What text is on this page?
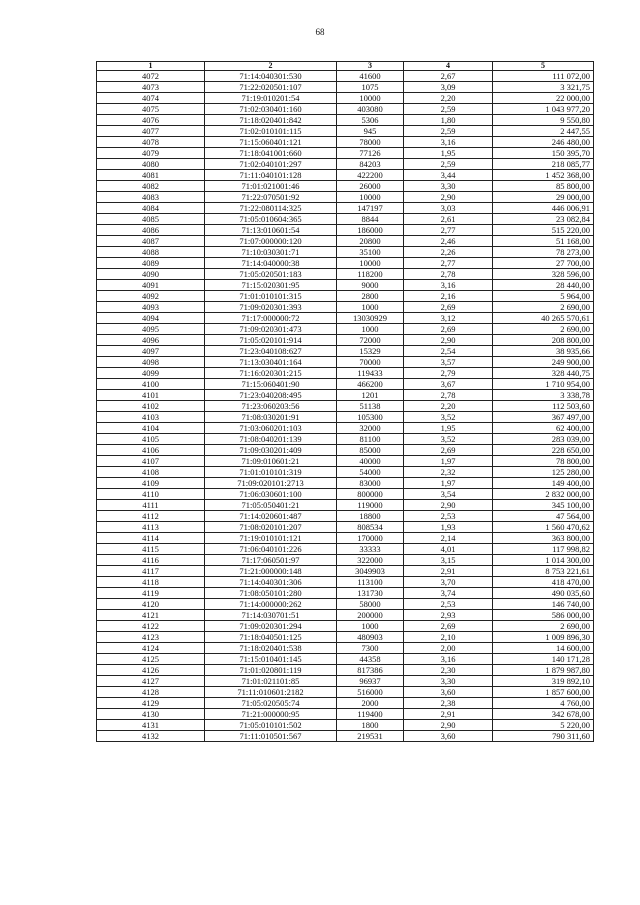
68
1	2	3	4	5
4072	71:14:040301:530	41600	2,67	111 072,00
4073	71:22:020501:107	1075	3,09	3 321,75
4074	71:19:010201:54	10000	2,20	22 000,00
4075	71:02:030401:160	403080	2,59	1 043 977,20
4076	71:18:020401:842	5306	1,80	9 550,80
4077	71:02:010101:115	945	2,59	2 447,55
4078	71:15:060401:121	78000	3,16	246 480,00
4079	71:18:041001:660	77126	1,95	150 395,70
4080	71:02:040101:297	84203	2,59	218 085,77
4081	71:11:040101:128	422200	3,44	1 452 368,00
4082	71:01:021001:46	26000	3,30	85 800,00
4083	71:22:070501:92	10000	2,90	29 000,00
4084	71:22:080114:325	147197	3,03	446 006,91
4085	71:05:010604:365	8844	2,61	23 082,84
4086	71:13:010601:54	186000	2,77	515 220,00
4087	71:07:000000:120	20800	2,46	51 168,00
4088	71:10:030301:71	35100	2,26	78 273,00
4089	71:14:040000:38	10000	2,77	27 700,00
4090	71:05:020501:183	118200	2,78	328 596,00
4091	71:15:020301:95	9000	3,16	28 440,00
4092	71:01:010101:315	2800	2,16	5 964,00
4093	71:09:020301:393	1000	2,69	2 690,00
4094	71:17:000000:72	13030929	3,12	40 265 570,61
4095	71:09:020301:473	1000	2,69	2 690,00
4096	71:05:020101:914	72000	2,90	208 800,00
4097	71:23:040108:627	15329	2,54	38 935,66
4098	71:13:030401:164	70000	3,57	249 900,00
4099	71:16:020301:215	119433	2,79	328 440,75
4100	71:15:060401:90	466200	3,67	1 710 954,00
4101	71:23:040208:495	1201	2,78	3 338,78
4102	71:23:060203:56	51138	2,20	112 503,60
4103	71:08:030201:91	105300	3,52	367 497,00
4104	71:03:060201:103	32000	1,95	62 400,00
4105	71:08:040201:139	81100	3,52	283 039,00
4106	71:09:030201:409	85000	2,69	228 650,00
4107	71:09:010601:21	40000	1,97	78 800,00
4108	71:01:010101:319	54000	2,32	125 280,00
4109	71:09:020101:2713	83000	1,97	149 400,00
4110	71:06:030601:100	800000	3,54	2 832 000,00
4111	71:05:050401:21	119000	2,90	345 100,00
4112	71:14:020601:487	18800	2,53	47 564,00
4113	71:08:020101:207	808534	1,93	1 560 470,62
4114	71:19:010101:121	170000	2,14	363 800,00
4115	71:06:040101:226	33333	4,01	117 998,82
4116	71:17:060501:97	322000	3,15	1 014 300,00
4117	71:21:000000:148	3049903	2,91	8 753 221,61
4118	71:14:040301:306	113100	3,70	418 470,00
4119	71:08:050101:280	131730	3,74	490 035,60
4120	71:14:000000:262	58000	2,53	146 740,00
4121	71:14:030701:51	200000	2,93	586 000,00
4122	71:09:020301:294	1000	2,69	2 690,00
4123	71:18:040501:125	480903	2,10	1 009 896,30
4124	71:18:020401:538	7300	2,00	14 600,00
4125	71:15:010401:145	44358	3,16	140 171,28
4126	71:01:020801:119	817386	2,30	1 879 987,80
4127	71:01:021101:85	96937	3,30	319 892,10
4128	71:11:010601:2182	516000	3,60	1 857 600,00
4129	71:05:020505:74	2000	2,38	4 760,00
4130	71:21:000000:95	119400	2,91	342 678,00
4131	71:05:010101:502	1800	2,90	5 220,00
4132	71:11:010501:567	219531	3,60	790 311,60
